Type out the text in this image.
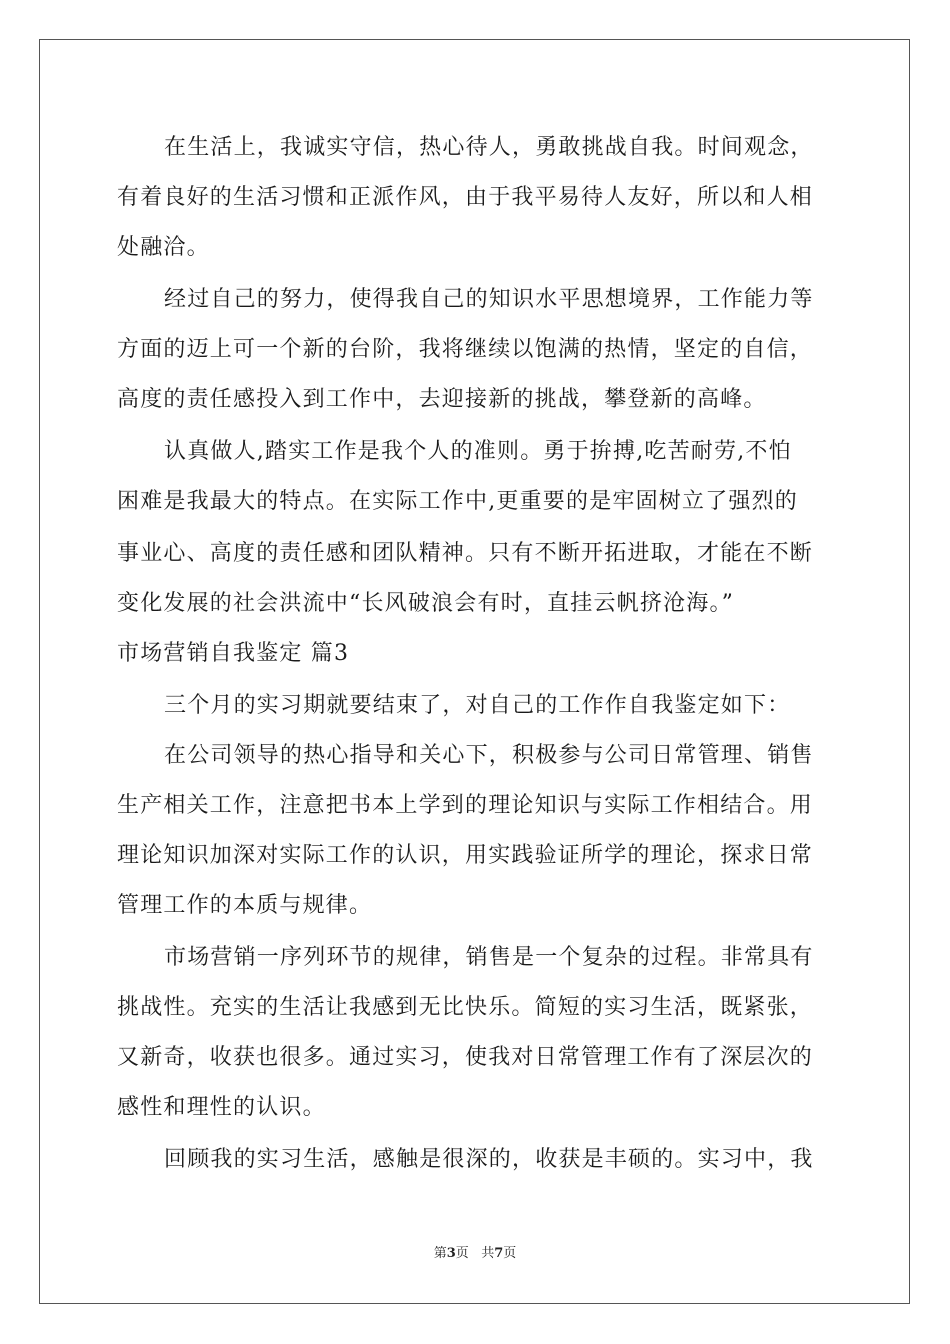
在生活上，我诚实守信，热心待人，勇敢挑战自我。时间观念，
有着良好的生活习惯和正派作风，由于我平易待人友好，所以和人相
处融洽。
经过自己的努力，使得我自己的知识水平思想境界，工作能力等
方面的迈上可一个新的台阶，我将继续以饱满的热情，坚定的自信，
高度的责任感投入到工作中，去迎接新的挑战，攀登新的高峰。
认真做人,踏实工作是我个人的准则。勇于拚搏,吃苦耐劳,不怕
困难是我最大的特点。在实际工作中,更重要的是牢固树立了强烈的
事业心、高度的责任感和团队精神。只有不断开拓进取，才能在不断
变化发展的社会洪流中“长风破浪会有时，直挂云帆挤沧海。”
市场营销自我鉴定 篇3
三个月的实习期就要结束了，对自己的工作作自我鉴定如下：
在公司领导的热心指导和关心下，积极参与公司日常管理、销售
生产相关工作，注意把书本上学到的理论知识与实际工作相结合。用
理论知识加深对实际工作的认识，用实践验证所学的理论，探求日常
管理工作的本质与规律。
市场营销一序列环节的规律，销售是一个复杂的过程。非常具有
挑战性。充实的生活让我感到无比快乐。简短的实习生活，既紧张，
又新奇，收获也很多。通过实习，使我对日常管理工作有了深层次的
感性和理性的认识。
回顾我的实习生活，感触是很深的，收获是丰硕的。实习中，我
第3页 共7页
